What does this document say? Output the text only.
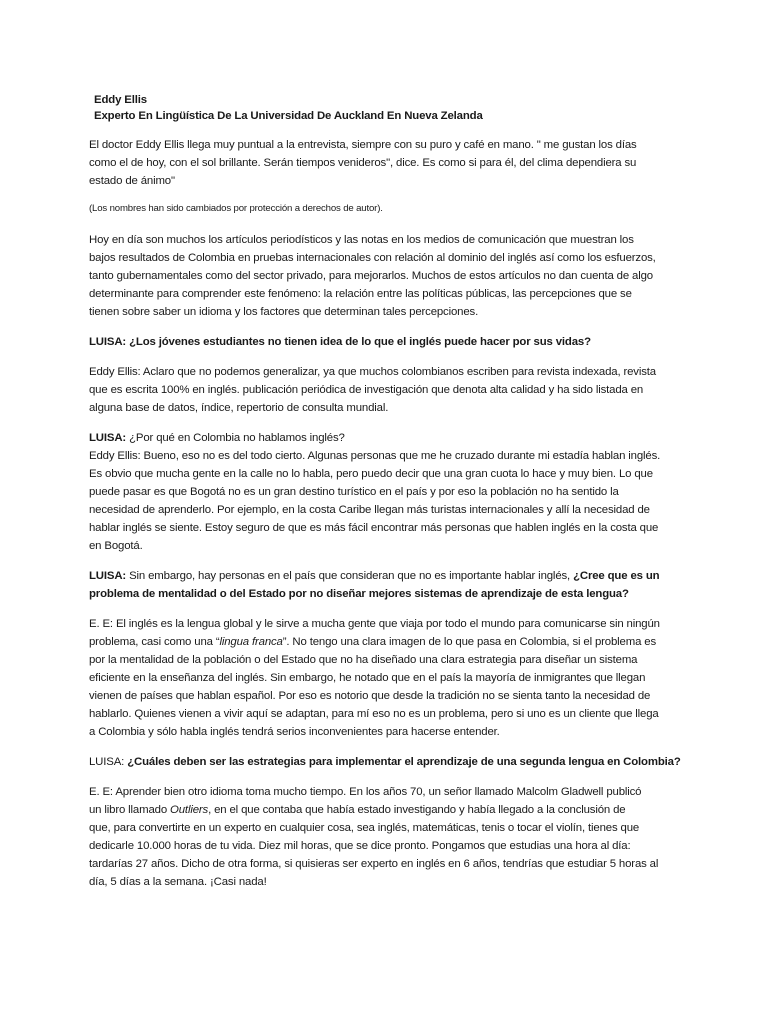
Eddy Ellis
Experto En Lingüística De La Universidad De Auckland En Nueva Zelanda
El doctor Eddy Ellis llega muy puntual a la entrevista, siempre con su puro y café en mano. " me gustan los días
como el de hoy, con el sol brillante. Serán tiempos venideros", dice. Es como si para él, del clima dependiera su
estado de ánimo"
(Los nombres han sido cambiados por protección a derechos de autor).
Hoy en día son muchos los artículos periodísticos y las notas en los medios de comunicación que muestran los
bajos resultados de Colombia en pruebas internacionales con relación al dominio del inglés así como los esfuerzos,
tanto gubernamentales como del sector privado, para mejorarlos. Muchos de estos artículos no dan cuenta de algo
determinante para comprender este fenómeno: la relación entre las políticas públicas, las percepciones que se
tienen sobre saber un idioma y los factores que determinan tales percepciones.
LUISA: ¿Los jóvenes estudiantes no tienen idea de lo que el inglés puede hacer por sus vidas?
Eddy Ellis: Aclaro que no podemos generalizar, ya que muchos colombianos escriben para revista indexada, revista
que es escrita 100% en inglés. publicación periódica de investigación que denota alta calidad y ha sido listada en
alguna base de datos, índice, repertorio de consulta mundial.
LUISA: ¿Por qué en Colombia no hablamos inglés?
Eddy Ellis: Bueno, eso no es del todo cierto. Algunas personas que me he cruzado durante mi estadía hablan inglés.
Es obvio que mucha gente en la calle no lo habla, pero puedo decir que una gran cuota lo hace y muy bien. Lo que
puede pasar es que Bogotá no es un gran destino turístico en el país y por eso la población no ha sentido la
necesidad de aprenderlo. Por ejemplo, en la costa Caribe llegan más turistas internacionales y allí la necesidad de
hablar inglés se siente. Estoy seguro de que es más fácil encontrar más personas que hablen inglés en la costa que
en Bogotá.
LUISA: Sin embargo, hay personas en el país que consideran que no es importante hablar inglés, ¿Cree que es un
problema de mentalidad o del Estado por no diseñar mejores sistemas de aprendizaje de esta lengua?
E. E: El inglés es la lengua global y le sirve a mucha gente que viaja por todo el mundo para comunicarse sin ningún
problema, casi como una “lingua franca”. No tengo una clara imagen de lo que pasa en Colombia, si el problema es
por la mentalidad de la población o del Estado que no ha diseñado una clara estrategia para diseñar un sistema
eficiente en la enseñanza del inglés. Sin embargo, he notado que en el país la mayoría de inmigrantes que llegan
vienen de países que hablan español. Por eso es notorio que desde la tradición no se sienta tanto la necesidad de
hablarlo. Quienes vienen a vivir aquí se adaptan, para mí eso no es un problema, pero si uno es un cliente que llega
a Colombia y sólo habla inglés tendrá serios inconvenientes para hacerse entender.
LUISA: ¿Cuáles deben ser las estrategias para implementar el aprendizaje de una segunda lengua en Colombia?
E. E: Aprender bien otro idioma toma mucho tiempo. En los años 70, un señor llamado Malcolm Gladwell publicó
un libro llamado Outliers, en el que contaba que había estado investigando y había llegado a la conclusión de
que, para convertirte en un experto en cualquier cosa, sea inglés, matemáticas, tenis o tocar el violín, tienes que
dedicarle 10.000 horas de tu vida. Diez mil horas, que se dice pronto. Pongamos que estudias una hora al día:
tardarías 27 años. Dicho de otra forma, si quisieras ser experto en inglés en 6 años, tendrías que estudiar 5 horas al
día, 5 días a la semana. ¡Casi nada!
